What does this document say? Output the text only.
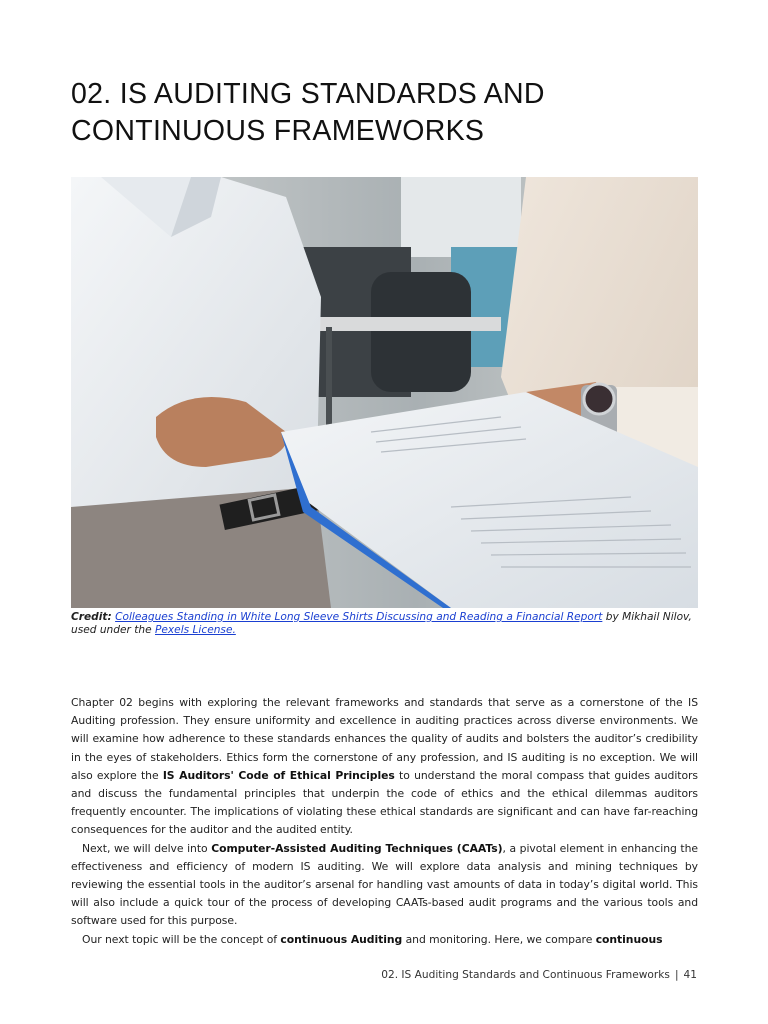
02. IS AUDITING STANDARDS AND
CONTINUOUS FRAMEWORKS

Credit: Colleagues Standing in White Long Sleeve Shirts Discussing and Reading a Financial Report by Mikhail Nilov, used under the Pexels License.

Chapter 02 begins with exploring the relevant frameworks and standards that serve as a cornerstone of the IS Auditing profession. They ensure uniformity and excellence in auditing practices across diverse environments. We will examine how adherence to these standards enhances the quality of audits and bolsters the auditor’s credibility in the eyes of stakeholders. Ethics form the cornerstone of any profession, and IS auditing is no exception. We will also explore the IS Auditors' Code of Ethical Principles to understand the moral compass that guides auditors and discuss the fundamental principles that underpin the code of ethics and the ethical dilemmas auditors frequently encounter. The implications of violating these ethical standards are significant and can have far-reaching consequences for the auditor and the audited entity.

Next, we will delve into Computer-Assisted Auditing Techniques (CAATs), a pivotal element in enhancing the effectiveness and efficiency of modern IS auditing. We will explore data analysis and mining techniques by reviewing the essential tools in the auditor’s arsenal for handling vast amounts of data in today’s digital world. This will also include a quick tour of the process of developing CAATs-based audit programs and the various tools and software used for this purpose.

Our next topic will be the concept of continuous Auditing and monitoring. Here, we compare continuous

02. IS Auditing Standards and Continuous Frameworks | 41
